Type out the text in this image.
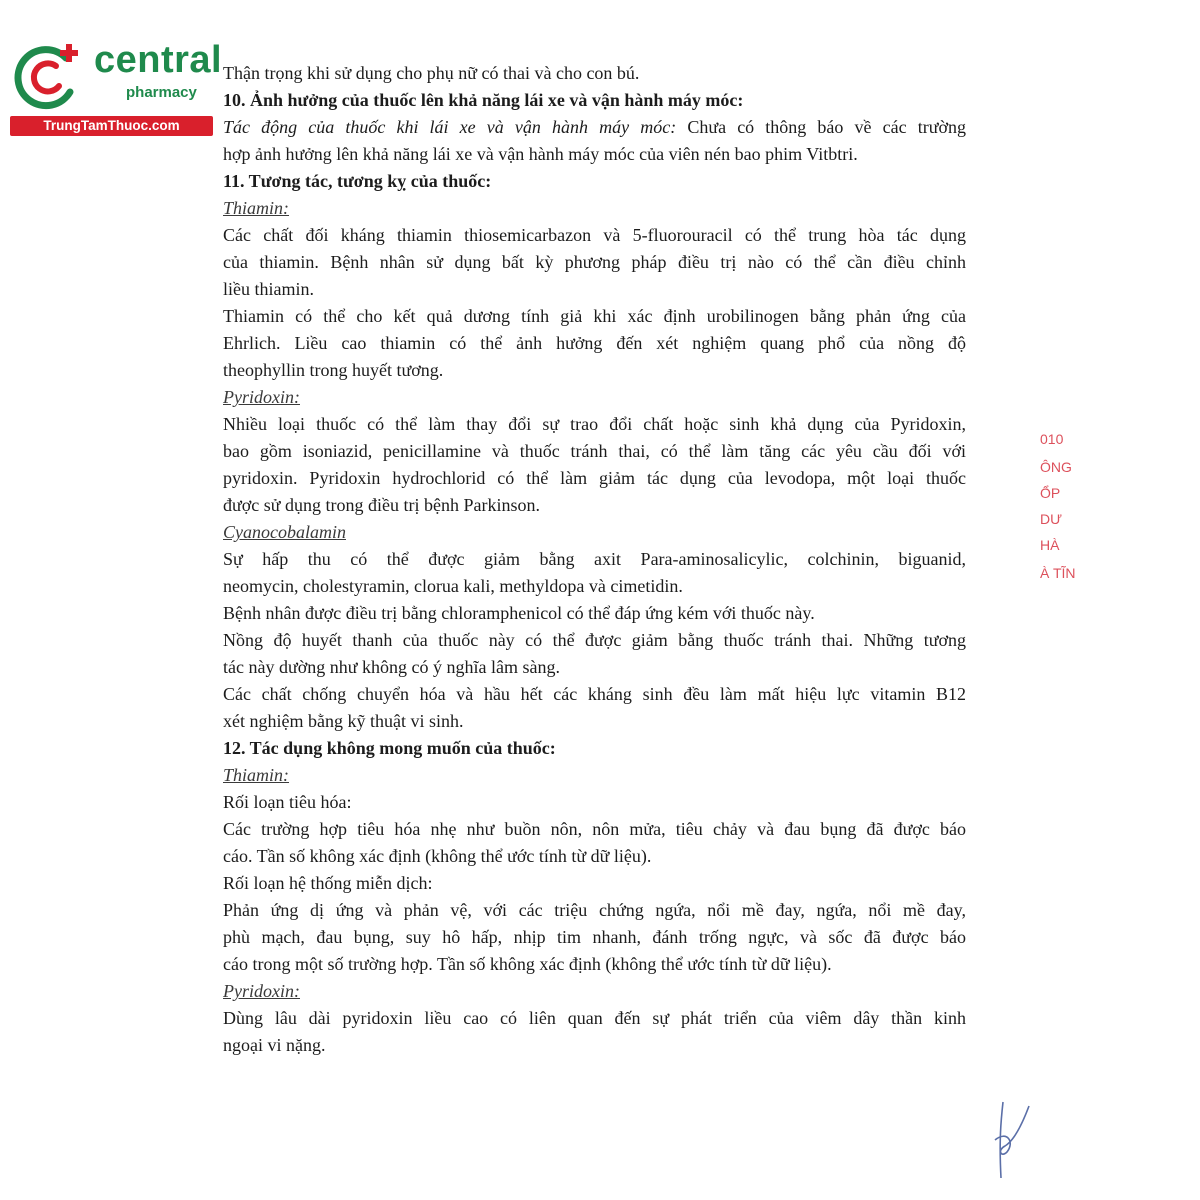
central
pharmacy
TrungTamThuoc.com
Thận trọng khi sử dụng cho phụ nữ có thai và cho con bú.
10. Ảnh hưởng của thuốc lên khả năng lái xe và vận hành máy móc:
Tác động của thuốc khi lái xe và vận hành máy móc: Chưa có thông báo về các trường
hợp ảnh hưởng lên khả năng lái xe và vận hành máy móc của viên nén bao phim Vitbtri.
11. Tương tác, tương kỵ của thuốc:
Thiamin:
Các chất đối kháng thiamin thiosemicarbazon và 5-fluorouracil có thể trung hòa tác dụng
của thiamin. Bệnh nhân sử dụng bất kỳ phương pháp điều trị nào có thể cần điều chỉnh
liều thiamin.
Thiamin có thể cho kết quả dương tính giả khi xác định urobilinogen bằng phản ứng của
Ehrlich. Liều cao thiamin có thể ảnh hưởng đến xét nghiệm quang phổ của nồng độ
theophyllin trong huyết tương.
Pyridoxin:
Nhiều loại thuốc có thể làm thay đổi sự trao đổi chất hoặc sinh khả dụng của Pyridoxin,
bao gồm isoniazid, penicillamine và thuốc tránh thai, có thể làm tăng các yêu cầu đối với
pyridoxin. Pyridoxin hydrochlorid có thể làm giảm tác dụng của levodopa, một loại thuốc
được sử dụng trong điều trị bệnh Parkinson.
Cyanocobalamin
Sự hấp thu có thể được giảm bằng axit Para-aminosalicylic, colchinin, biguanid,
neomycin, cholestyramin, clorua kali, methyldopa và cimetidin.
Bệnh nhân được điều trị bằng chloramphenicol có thể đáp ứng kém với thuốc này.
Nồng độ huyết thanh của thuốc này có thể được giảm bằng thuốc tránh thai. Những tương
tác này dường như không có ý nghĩa lâm sàng.
Các chất chống chuyển hóa và hầu hết các kháng sinh đều làm mất hiệu lực vitamin B12
xét nghiệm bằng kỹ thuật vi sinh.
12. Tác dụng không mong muốn của thuốc:
Thiamin:
Rối loạn tiêu hóa:
Các trường hợp tiêu hóa nhẹ như buồn nôn, nôn mửa, tiêu chảy và đau bụng đã được báo
cáo. Tần số không xác định (không thể ước tính từ dữ liệu).
Rối loạn hệ thống miễn dịch:
Phản ứng dị ứng và phản vệ, với các triệu chứng ngứa, nổi mề đay, ngứa, nổi mề đay,
phù mạch, đau bụng, suy hô hấp, nhịp tim nhanh, đánh trống ngực, và sốc đã được báo
cáo trong một số trường hợp. Tần số không xác định (không thể ước tính từ dữ liệu).
Pyridoxin:
Dùng lâu dài pyridoxin liều cao có liên quan đến sự phát triển của viêm dây thần kinh
ngoại vi nặng.
010
ÔNG
ỔP
DƯ
HÀ
À TĨN
